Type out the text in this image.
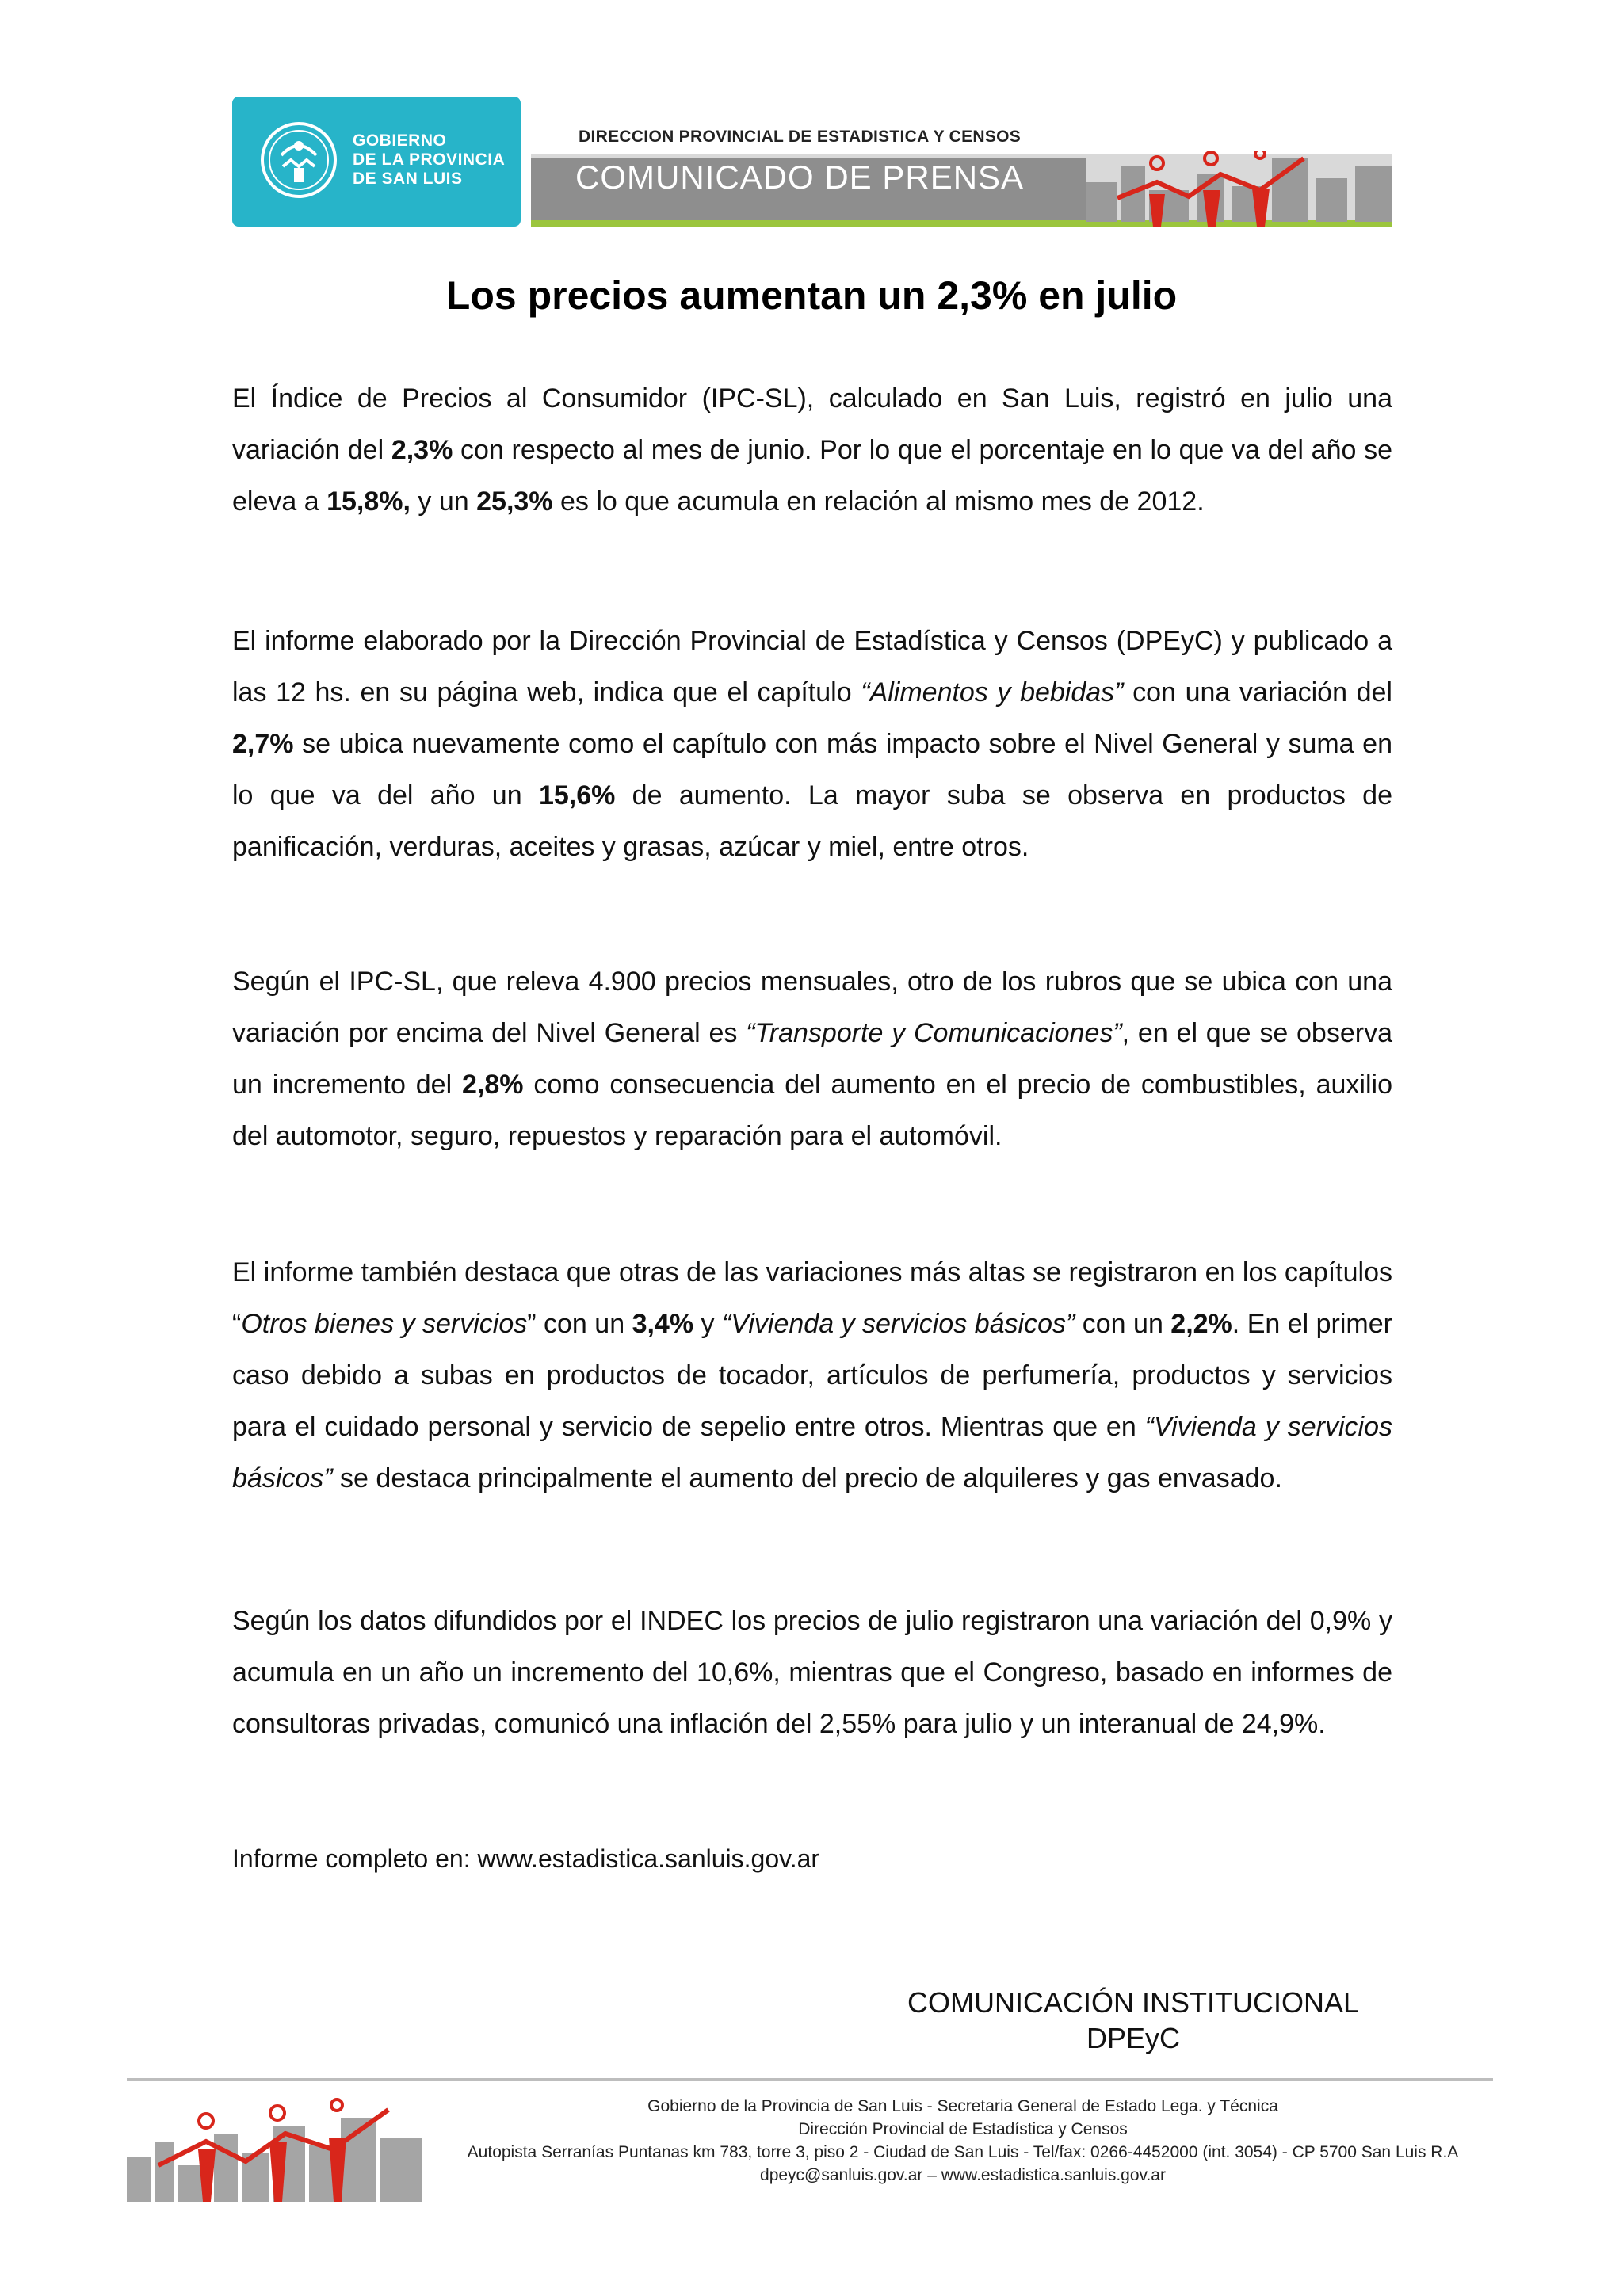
GOBIERNO
DE LA PROVINCIA
DE SAN LUIS
DIRECCION PROVINCIAL DE ESTADISTICA Y CENSOS
COMUNICADO DE PRENSA
Los precios aumentan un 2,3% en julio
El Índice de Precios al Consumidor (IPC-SL), calculado en San Luis, registró en julio una variación del 2,3% con respecto al mes de junio. Por lo que el porcentaje en lo que va del año se eleva a 15,8%, y un 25,3% es lo que acumula en relación al mismo mes de 2012.
El informe elaborado por la Dirección Provincial de Estadística y Censos (DPEyC) y publicado a las 12 hs. en su página web, indica que el capítulo “Alimentos y bebidas” con una variación del 2,7% se ubica nuevamente como el capítulo con más impacto sobre el Nivel General y suma en lo que va del año un 15,6% de aumento. La mayor suba se observa en productos de panificación, verduras, aceites y grasas, azúcar y miel, entre otros.
Según el IPC-SL, que releva 4.900 precios mensuales, otro de los rubros que se ubica con una variación por encima del Nivel General es “Transporte y Comunicaciones”, en el que se observa un incremento del 2,8% como consecuencia del aumento en el precio de combustibles, auxilio del automotor, seguro, repuestos y reparación para el automóvil.
El informe también destaca que otras de las variaciones más altas se registraron en los capítulos “Otros bienes y servicios” con un 3,4% y “Vivienda y servicios básicos” con un 2,2%. En el primer caso debido a subas en productos de tocador, artículos de perfumería, productos y servicios para el cuidado personal y servicio de sepelio entre otros. Mientras que en “Vivienda y servicios básicos” se destaca principalmente el aumento del precio de alquileres y gas envasado.
Según los datos difundidos por el INDEC los precios de julio registraron una variación del 0,9% y acumula en un año un incremento del 10,6%, mientras que el Congreso, basado en informes de consultoras privadas, comunicó una inflación del 2,55% para julio y un interanual de 24,9%.
Informe completo en: www.estadistica.sanluis.gov.ar
COMUNICACIÓN INSTITUCIONAL
DPEyC
Gobierno de la Provincia de San Luis - Secretaria General de Estado Lega. y Técnica
Dirección Provincial de Estadística y Censos
Autopista Serranías Puntanas km 783, torre 3, piso 2 - Ciudad de San Luis - Tel/fax: 0266-4452000 (int. 3054) - CP 5700 San Luis R.A
dpeyc@sanluis.gov.ar – www.estadistica.sanluis.gov.ar
